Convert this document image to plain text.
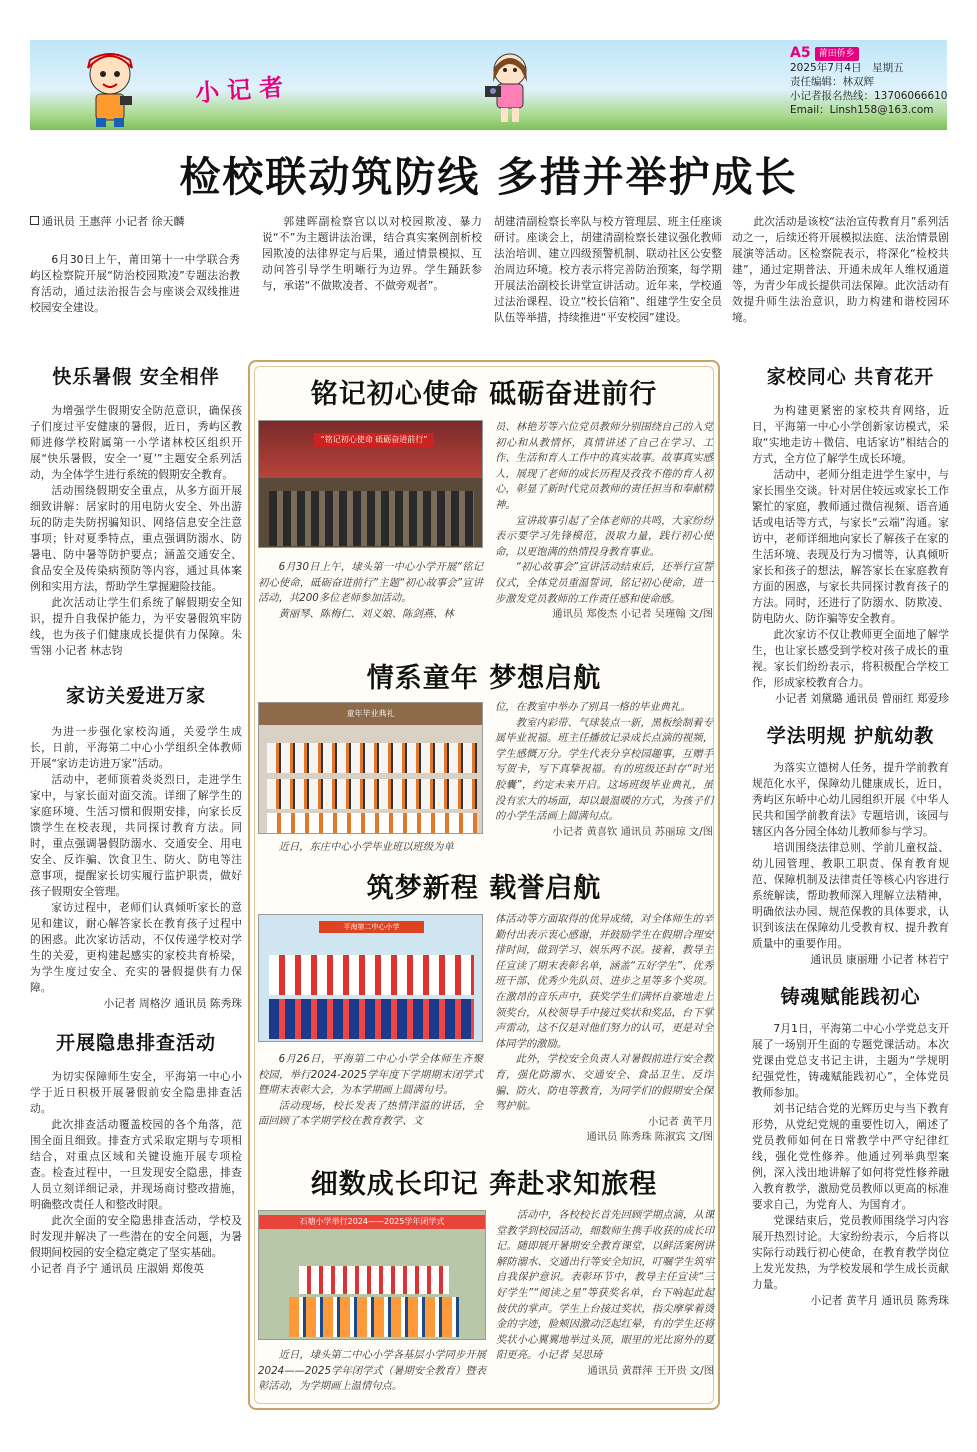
小记者
A5 莆田侨乡
2025年7月4日　 星期五
责任编辑：林双辉
小记者报名热线：13706066610
Email：Linsh158@163.com
检校联动筑防线 多措并举护成长

通讯员 王惠萍 小记者 徐天麟

6月30日上午，莆田第十一中学联合秀屿区检察院开展“防治校园欺凌”专题法治教育活动，通过法治报告会与座谈会双线推进校园安全建设。

郭建晖副检察官以以对校园欺凌、暴力说“不”为主题讲法治课，结合真实案例剖析校园欺凌的法律界定与后果，通过情景模拟、互动问答引导学生明晰行为边界。学生踊跃参与，承诺“不做欺凌者、不做旁观者”。

胡建清副检察长率队与校方管理层、班主任座谈研讨。座谈会上，胡建清副检察长建议强化教师法治培训、建立四级预警机制、联动社区公安整治周边环境。校方表示将完善防治预案，每学期开展法治副校长讲堂宣讲活动。近年来，学校通过法治课程、设立“校长信箱”、组建学生安全员队伍等举措，持续推进“平安校园”建设。

此次活动是该校“法治宣传教育月”系列活动之一，后续还将开展模拟法庭、法治情景剧展演等活动。区检察院表示，将深化“检校共建”，通过定期普法、开通未成年人维权通道等，为青少年成长提供司法保障。此次活动有效提升师生法治意识，助力构建和谐校园环境。

快乐暑假 安全相伴

为增强学生假期安全防范意识，确保孩子们度过平安健康的暑假，近日，秀屿区教师进修学校附属第一小学诸林校区组织开展“快乐暑假，安全一‘夏’”主题安全系列活动，为全体学生进行系统的假期安全教育。

活动围绕假期安全重点，从多方面开展细致讲解：居家时的用电防火安全、外出游玩的防走失防拐骗知识、网络信息安全注意事项；针对夏季特点，重点强调防溺水、防暑电、防中暑等防护要点；涵盖交通安全、食品安全及传染病预防等内容，通过具体案例和实用方法，帮助学生掌握避险技能。

此次活动让学生们系统了解假期安全知识，提升自我保护能力，为平安暑假筑牢防线，也为孩子们健康成长提供有力保障。朱雪翎 小记者 林志钧

家访关爱进万家

为进一步强化家校沟通，关爱学生成长，日前，平海第二中心小学组织全体教师开展“家访走访进万家”活动。

活动中，老师顶着炎炎烈日，走进学生家中，与家长面对面交流。详细了解学生的家庭环境、生活习惯和假期安排，向家长反馈学生在校表现，共同探讨教育方法。同时，重点强调暑假防溺水、交通安全、用电安全、反诈骗、饮食卫生、防火、防电等注意事项，提醒家长切实履行监护职责，做好孩子假期安全管理。

家访过程中，老师们认真倾听家长的意见和建议，耐心解答家长在教育孩子过程中的困惑。此次家访活动，不仅传递学校对学生的关爱，更构建起感实的家校共育桥梁，为学生度过安全、充实的暑假提供有力保障。

小记者 周格汐 通讯员 陈秀珠

开展隐患排查活动

为切实保障师生安全，平海第一中心小学于近日积极开展暑假前安全隐患排查活动。

此次排查活动覆盖校园的各个角落，范围全面且细致。排查方式采取定期与专项相结合，对重点区域和关键设施开展专项检查。检查过程中，一旦发现安全隐患，排查人员立刻详细记录，并现场商讨整改措施，明确整改责任人和整改时限。

此次全面的安全隐患排查活动，学校及时发现并解决了一些潜在的安全问题，为暑假期间校园的安全稳定奠定了坚实基础。

小记者 肖予宁 通讯员 庄淑娟 郑俊英

铭记初心使命 砥砺奋进前行
“铭记初心使命 砥砺奋进前行”

6月30日上午，埭头第一中心小学开展“铭记初心使命，砥砺奋进前行”主题“初心故事会”宣讲活动，共200多位老师参加活动。

黄丽琴、陈梅仁、刘义娘、陈剑燕、林

员、林艳芳等六位党员教师分别围绕自己的入党初心和从教情怀，真情讲述了自己在学习、工作、生活和育人工作中的真实故事。故事真实感人，展现了老师的成长历程及孜孜不倦的育人初心，彰显了新时代党员教师的责任担当和奉献精神。

宣讲故事引起了全体老师的共鸣，大家纷纷表示要学习先锋模范，汲取力量，践行初心使命，以更饱满的热情投身教育事业。

“初心故事会”宣讲活动结束后，还举行宣誓仪式，全体党员重温誓词，铭记初心使命，进一步激发党员教师的工作责任感和使命感。

通讯员 郑俊杰 小记者 吴瑾翰 文/图

情系童年 梦想启航
童年毕业典礼

近日，东庄中心小学毕业班以班级为单

位，在教室中举办了别具一格的毕业典礼。

教室内彩带、气球装点一新，黑板绘制着专属毕业祝福。班主任播放记录成长点滴的视频，学生感慨万分。学生代表分享校园趣事，互赠手写贺卡，写下真挚祝福。有的班级还封存“时光胶囊”，约定未来开启。这场班级毕业典礼，虽没有宏大的场面，却以最温暖的方式，为孩子们的小学生活画上圆满句点。

小记者 黄喜钦 通讯员 苏丽琼 文/图

筑梦新程 载誉启航
平海第二中心小学

6月26日，平海第二中心小学全体师生齐聚校园，举行2024-2025学年度下学期期末闭学式暨期末表彰大会，为本学期画上圆满句号。

活动现场，校长发表了热情洋溢的讲话，全面回顾了本学期学校在教育教学、文

体活动等方面取得的优异成绩，对全体师生的辛勤付出表示衷心感谢，并鼓励学生在假期合理安排时间，做到学习、娱乐两不误。接着，教导主任宣读了期末表彰名单，涵盖“五好学生”、优秀班干部、优秀少先队员、进步之星等多个奖项。在激昂的音乐声中，获奖学生们满怀自豪地走上领奖台，从校领导手中接过奖状和奖品，台下掌声雷动，这不仅是对他们努力的认可，更是对全体同学的激励。

此外，学校安全负责人对暑假前进行安全教育，强化防溺水、交通安全、食品卫生、反诈骗、防火、防电等教育，为同学们的假期安全保驾护航。

小记者 黄芊月

通讯员 陈秀珠 陈淑宾 文/图

细数成长印记 奔赴求知旅程
石塘小学举行2024——2025学年闭学式

近日，埭头第二中心小学各基层小学同步开展2024——2025学年闭学式（暑期安全教育）暨表彰活动，为学期画上温情句点。

活动中，各校校长首先回顾学期点滴，从课堂教学到校园活动，细数师生携手收获的成长印记。随即展开暑期安全教育课堂，以鲜活案例讲解防溺水、交通出行等安全知识，叮嘱学生筑牢自我保护意识。表彰环节中，教导主任宣读“三好学生”“阅读之星”等获奖名单，台下响起此起彼伏的掌声。学生上台接过奖状，指尖摩挲着烫金的字迹，脸颊因激动泛起红晕，有的学生还将奖状小心翼翼地举过头顶，眼里的光比窗外的夏阳更亮。小记者 吴思琦

通讯员 黄群萍 王开贵 文/图

家校同心 共育花开

为构建更紧密的家校共育网络，近日，平海第一中心小学创新家访模式，采取“实地走访＋微信、电话家访”相结合的方式，全方位了解学生成长环境。

活动中，老师分组走进学生家中，与家长围坐交谈。针对居住较远或家长工作繁忙的家庭，教师通过微信视频、语音通话或电话等方式，与家长“云端”沟通。家访中，老师详细地向家长了解孩子在家的生活环境、表现及行为习惯等，认真倾听家长和孩子的想法，解答家长在家庭教育方面的困惑，与家长共同探讨教育孩子的方法。同时，还进行了防溺水、防欺凌、防电防火、防诈骗等安全教育。

此次家访不仅让教师更全面地了解学生，也让家长感受到学校对孩子成长的重视。家长们纷纷表示，将积极配合学校工作，形成家校教育合力。

小记者 刘黛璐 通讯员 曾丽红 郑爱珍

学法明规 护航幼教

为落实立德树人任务，提升学前教育规范化水平，保障幼儿健康成长，近日，秀屿区东峤中心幼儿园组织开展《中华人民共和国学前教育法》专题培训，该园与辖区内各分园全体幼儿教师参与学习。

培训围绕法律总则、学前儿童权益、幼儿园管理、教职工职责、保育教育规范、保障机制及法律责任等核心内容进行系统解读，帮助教师深入理解立法精神，明确依法办园、规范保教的具体要求，认识到该法在保障幼儿受教育权、提升教育质量中的重要作用。

通讯员 康丽珊 小记者 林若宁

铸魂赋能践初心

7月1日，平海第二中心小学党总支开展了一场别开生面的专题党课活动。本次党课由党总支书记主讲，主题为“学规明纪强党性，铸魂赋能践初心”，全体党员教师参加。

刘书记结合党的光辉历史与当下教育形势，从党纪党规的重要性切入，阐述了党员教师如何在日常教学中严守纪律红线，强化党性修养。他通过列举典型案例，深入浅出地讲解了如何将党性修养融入教育教学，激励党员教师以更高的标准要求自己，为党育人、为国育才。

党课结束后，党员教师围绕学习内容展开热烈讨论。大家纷纷表示，今后将以实际行动践行初心使命，在教育教学岗位上发光发热，为学校发展和学生成长贡献力量。

小记者 黄芊月 通讯员 陈秀珠
